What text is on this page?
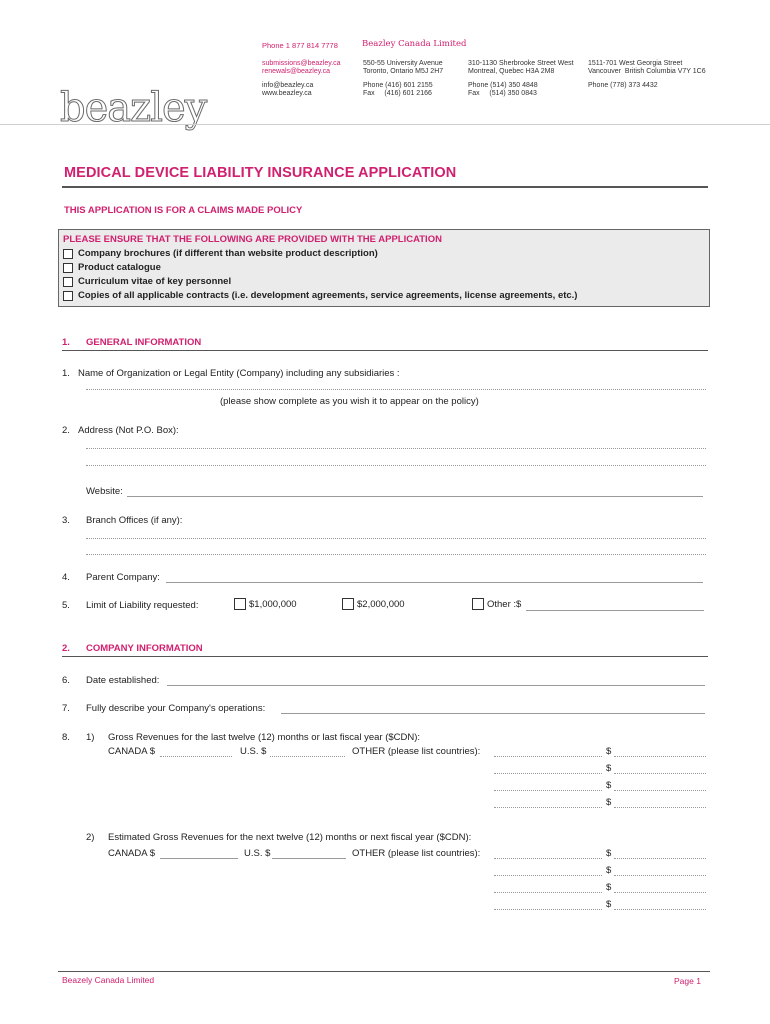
Phone 1 877 814 7778	Beazley Canada Limited
submissions@beazley.ca
renewals@beazley.ca
info@beazley.ca
www.beazley.ca
550-55 University Avenue
Toronto, Ontario M5J 2H7
Phone (416) 601 2155
Fax     (416) 601 2166
310-1130 Sherbrooke Street West
Montreal, Quebec H3A 2M8
Phone (514) 350 4848
Fax     (514) 350 0843
1511-701 West Georgia Street
Vancouver  British Columbia V7Y 1C6
Phone (778) 373 4432
beazley
MEDICAL DEVICE LIABILITY INSURANCE APPLICATION
THIS APPLICATION IS FOR A CLAIMS MADE POLICY
PLEASE ENSURE THAT THE FOLLOWING ARE PROVIDED WITH THE APPLICATION
Company brochures (if different than website product description)
Product catalogue
Curriculum vitae of key personnel
Copies of all applicable contracts (i.e. development agreements, service agreements, license agreements, etc.)
1. GENERAL INFORMATION
1. Name of Organization or Legal Entity (Company) including any subsidiaries :
(please show complete as you wish it to appear on the policy)
2. Address (Not P.O. Box):
Website:
3. Branch Offices (if any):
4. Parent Company:
5. Limit of Liability requested:	$1,000,000	$2,000,000	Other :$
2. COMPANY INFORMATION
6. Date established:
7. Fully describe your Company's operations:
8. 1) Gross Revenues for the last twelve (12) months or last fiscal year ($CDN):
CANADA $	U.S. $	OTHER (please list countries):	$
$
$
$
2) Estimated Gross Revenues for the next twelve (12) months or next fiscal year ($CDN):
CANADA $	U.S. $	OTHER (please list countries):	$
$
$
$
Beazely Canada Limited	Page 1
